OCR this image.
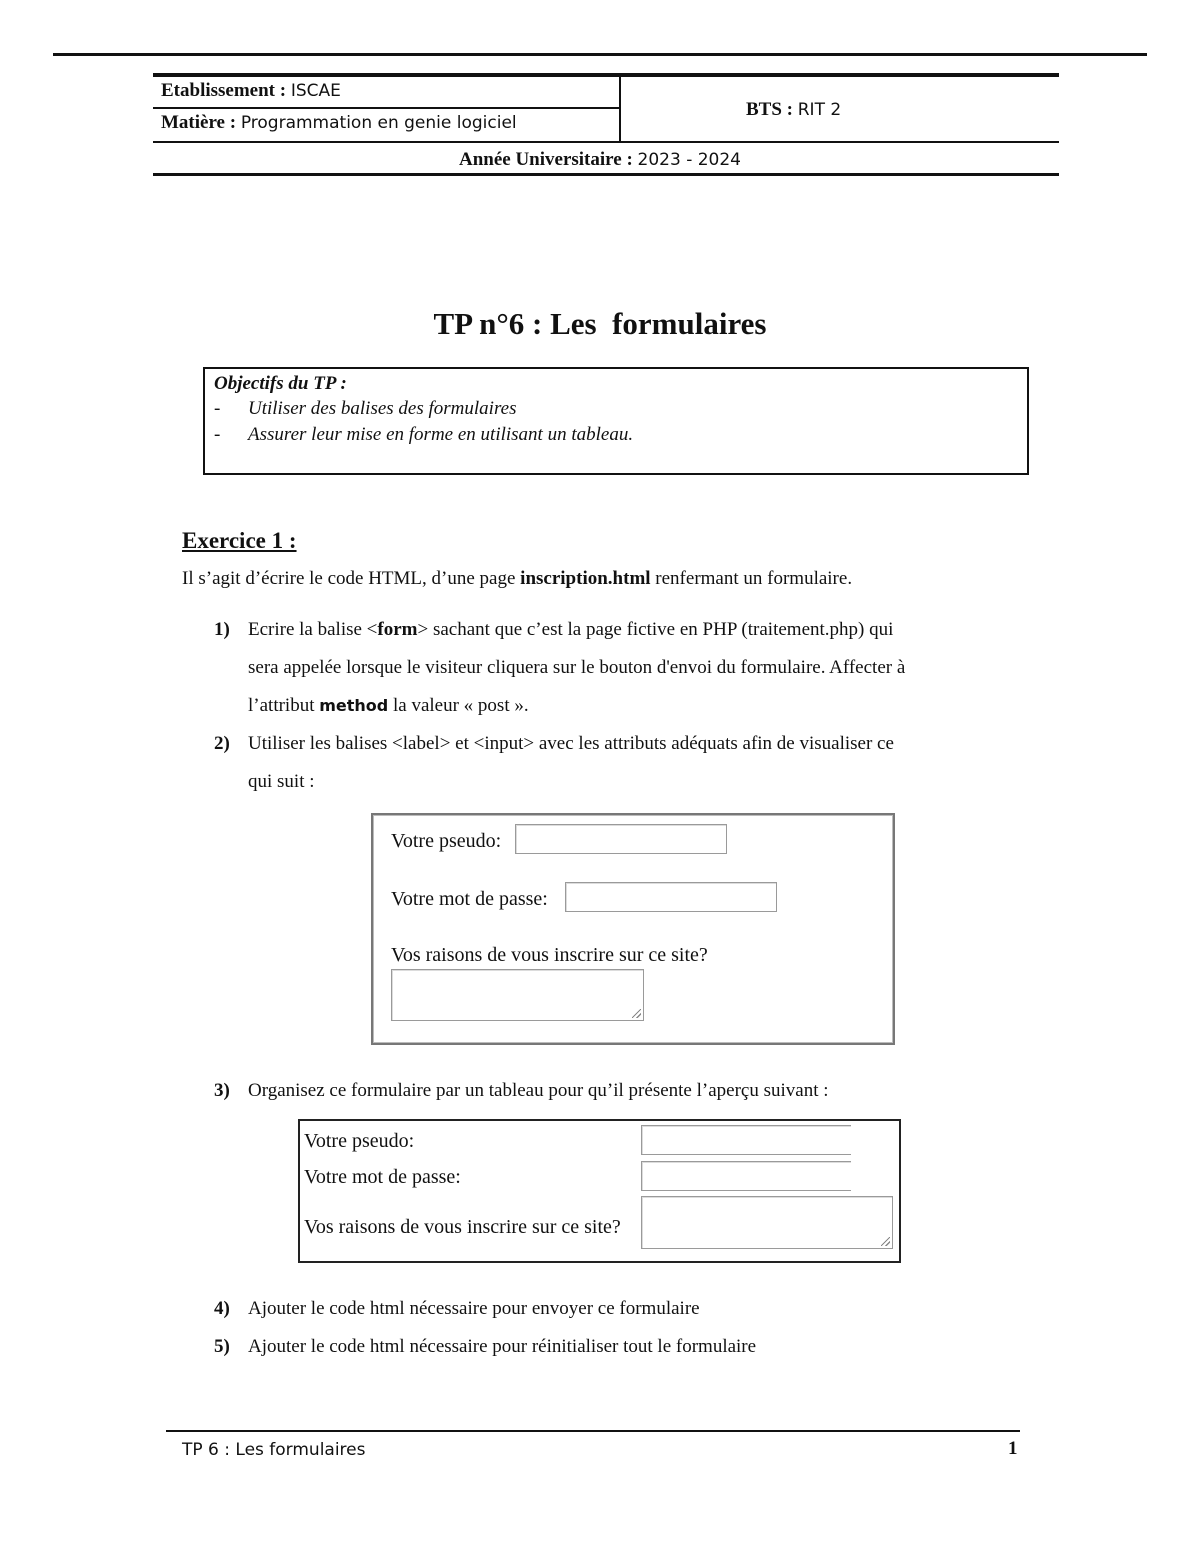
Etablissement : ISCAE
Matière : Programmation en genie logiciel
BTS : RIT 2
Année Universitaire : 2023 - 2024
TP n°6 : Les  formulaires
Objectifs du TP :
- Utiliser des balises des formulaires
- Assurer leur mise en forme en utilisant un tableau.
Exercice 1 :
Il s’agit d’écrire le code HTML, d’une page inscription.html renfermant un formulaire.
1) Ecrire la balise <form> sachant que c’est la page fictive en PHP (traitement.php) qui
sera appelée lorsque le visiteur cliquera sur le bouton d'envoi du formulaire. Affecter à
l’attribut method la valeur « post ».
2) Utiliser les balises <label> et <input> avec les attributs adéquats afin de visualiser ce
qui suit :
Votre pseudo:
Votre mot de passe:
Vos raisons de vous inscrire sur ce site?
3) Organisez ce formulaire par un tableau pour qu’il présente l’aperçu suivant :
Votre pseudo:
Votre mot de passe:
Vos raisons de vous inscrire sur ce site?
4) Ajouter le code html nécessaire pour envoyer ce formulaire
5) Ajouter le code html nécessaire pour réinitialiser tout le formulaire
TP 6 : Les formulaires	1
